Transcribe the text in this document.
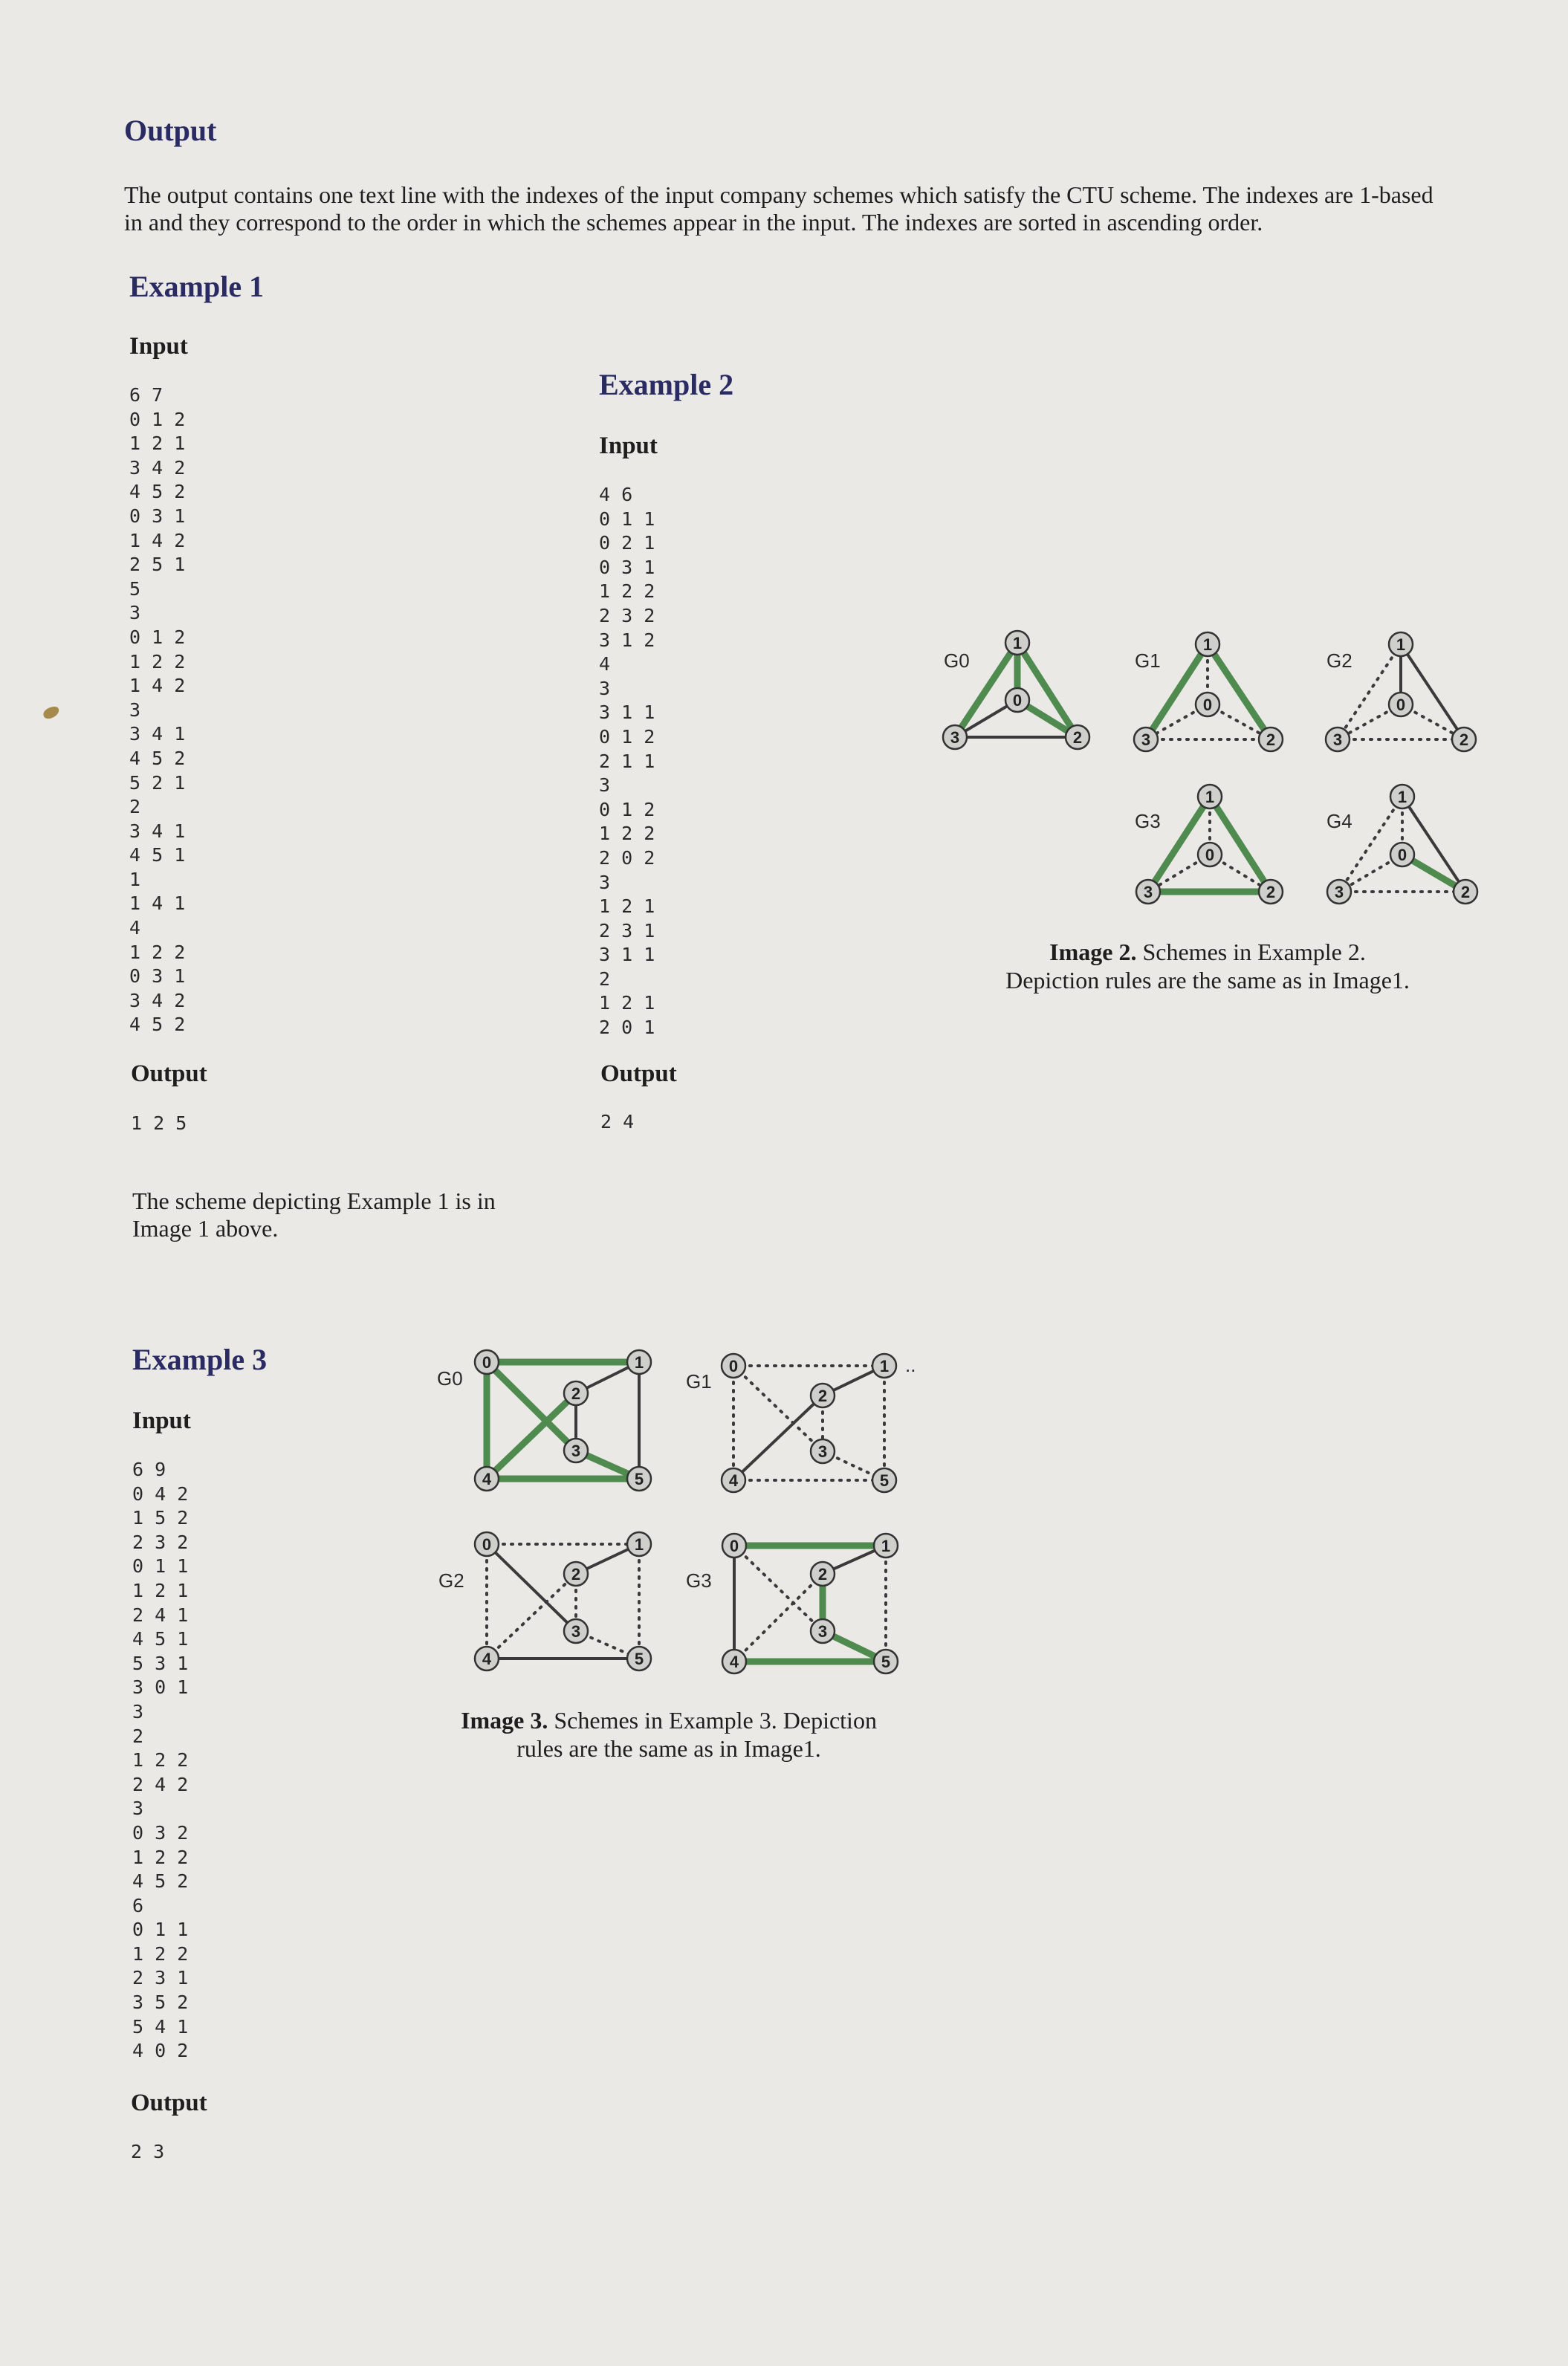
Output

The output contains one text line with the indexes of the input company schemes which satisfy the CTU scheme. The indexes are 1-based

in and they correspond to the order in which the schemes appear in the input. The indexes are sorted in ascending order.

Example 1
Input
6 7
0 1 2
1 2 1
3 4 2
4 5 2
0 3 1
1 4 2
2 5 1
5
3
0 1 2
1 2 2
1 4 2
3
3 4 1
4 5 2
5 2 1
2
3 4 1
4 5 1
1
1 4 1
4
1 2 2
0 3 1
3 4 2
4 5 2
Output
1 2 5

The scheme depicting Example 1 is in

Image 1 above.

Example 2
Input
4 6
0 1 1
0 2 1
0 3 1
1 2 2
2 3 2
3 1 2
4
3
3 1 1
0 1 2
2 1 1
3
0 1 2
1 2 2
2 0 2
3
1 2 1
2 3 1
3 1 1
2
1 2 1
2 0 1
Output
2 4
1
0
3	2
G0
1
0
3	2
G1
1
0
3	2
G2
1
0
3	2
G3
1
0
3	2
G4

Image 2. Schemes in Example 2.
Depiction rules are the same as in Image1.

Example 3
Input
6 9
0 4 2
1 5 2
2 3 2
0 1 1
1 2 1
2 4 1
4 5 1
5 3 1
3 0 1
3
2
1 2 2
2 4 2
3
0 3 2
1 2 2
4 5 2
6
0 1 1
1 2 2
2 3 1
3 5 2
5 4 1
4 0 2
Output
2 3
0	1
2
3
4	5
G0
0	1
2
3
4	5
G1
..
0	1
2
3
4	5
G2
0	1
2
3
4	5
G3

Image 3. Schemes in Example 3. Depiction
rules are the same as in Image1.
